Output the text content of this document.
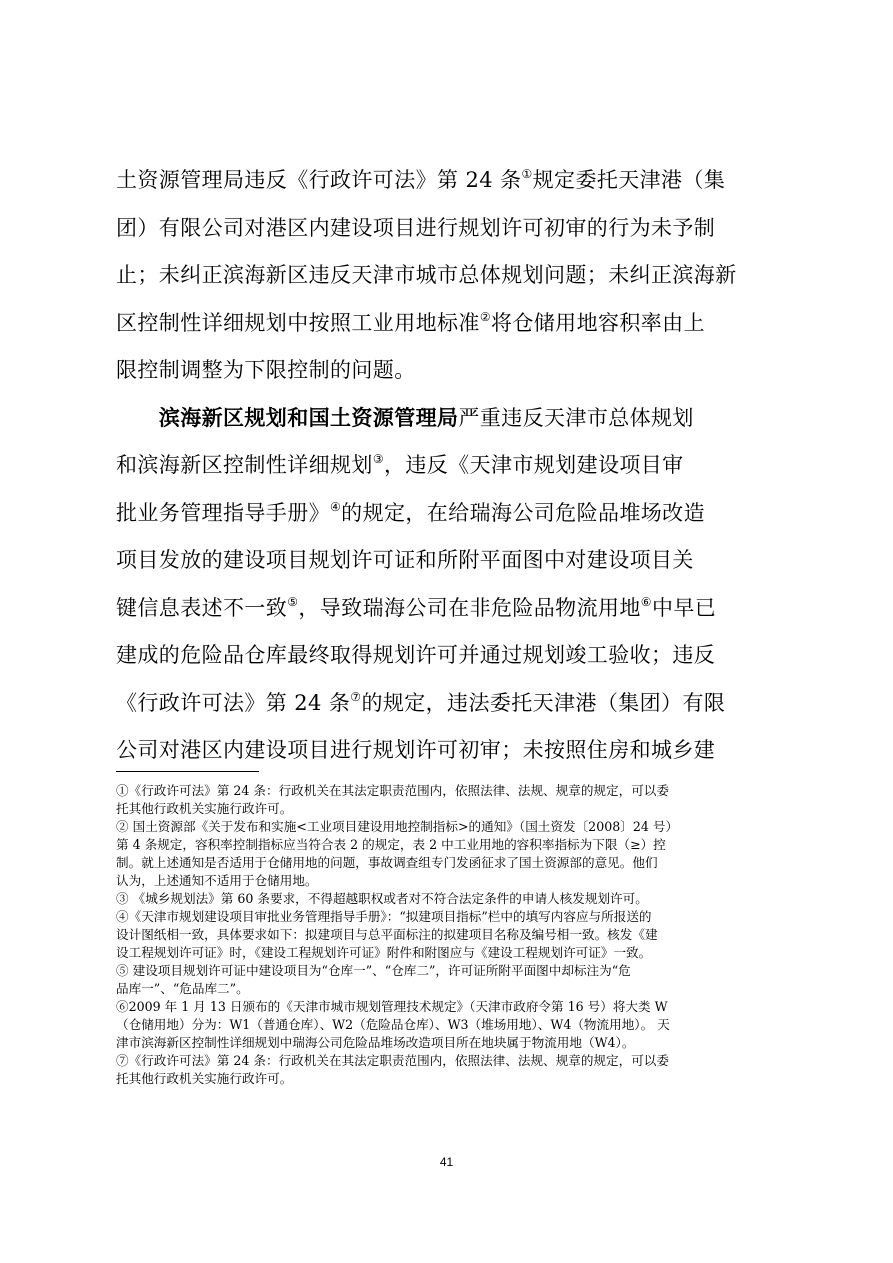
土资源管理局违反《行政许可法》第 24 条①规定委托天津港（集
团）有限公司对港区内建设项目进行规划许可初审的行为未予制
止；未纠正滨海新区违反天津市城市总体规划问题；未纠正滨海新
区控制性详细规划中按照工业用地标准②将仓储用地容积率由上
限控制调整为下限控制的问题。
　　滨海新区规划和国土资源管理局严重违反天津市总体规划
和滨海新区控制性详细规划③，违反《天津市规划建设项目审
批业务管理指导手册》④的规定，在给瑞海公司危险品堆场改造
项目发放的建设项目规划许可证和所附平面图中对建设项目关
键信息表述不一致⑤，导致瑞海公司在非危险品物流用地⑥中早已
建成的危险品仓库最终取得规划许可并通过规划竣工验收；违反
《行政许可法》第 24 条⑦的规定，违法委托天津港（集团）有限
公司对港区内建设项目进行规划许可初审；未按照住房和城乡建
①《行政许可法》第 24 条：行政机关在其法定职责范围内，依照法律、法规、规章的规定，可以委
托其他行政机关实施行政许可。
② 国土资源部《关于发布和实施<工业项目建设用地控制指标>的通知》（国土资发〔2008〕24 号）
第 4 条规定，容积率控制指标应当符合表 2 的规定，表 2 中工业用地的容积率指标为下限（≥）控
制。就上述通知是否适用于仓储用地的问题，事故调查组专门发函征求了国土资源部的意见。他们
认为，上述通知不适用于仓储用地。
③ 《城乡规划法》第 60 条要求，不得超越职权或者对不符合法定条件的申请人核发规划许可。
④《天津市规划建设项目审批业务管理指导手册》：“拟建项目指标”栏中的填写内容应与所报送的
设计图纸相一致，具体要求如下：拟建项目与总平面标注的拟建项目名称及编号相一致。核发《建
设工程规划许可证》时，《建设工程规划许可证》附件和附图应与《建设工程规划许可证》一致。
⑤ 建设项目规划许可证中建设项目为“仓库一”、“仓库二”，许可证所附平面图中却标注为“危
品库一”、“危品库二”。
⑥2009 年 1 月 13 日颁布的《天津市城市规划管理技术规定》（天津市政府令第 16 号）将大类 W
（仓储用地）分为：W1（普通仓库）、W2（危险品仓库）、W3（堆场用地）、W4（物流用地）。 天
津市滨海新区控制性详细规划中瑞海公司危险品堆场改造项目所在地块属于物流用地（W4）。
⑦《行政许可法》第 24 条：行政机关在其法定职责范围内，依照法律、法规、规章的规定，可以委
托其他行政机关实施行政许可。
41
